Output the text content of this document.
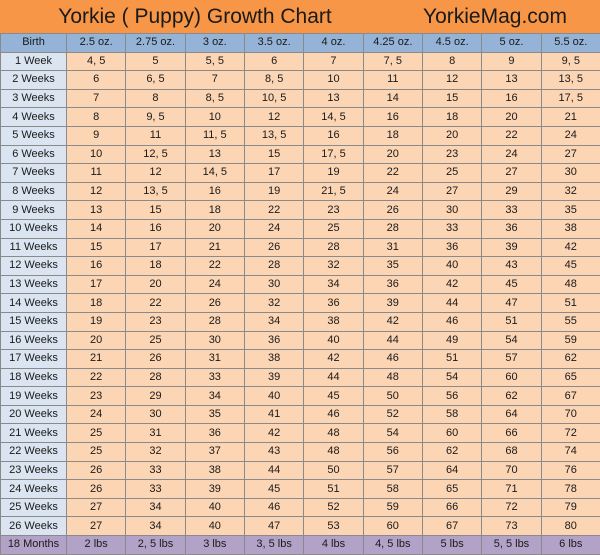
Yorkie ( Puppy) Growth Chart	YorkieMag.com
Birth	2.5 oz.	2.75 oz.	3 oz.	3.5 oz.	4 oz.	4.25 oz.	4.5 oz.	5 oz.	5.5 oz.
1 Week	4, 5	5	5, 5	6	7	7, 5	8	9	9, 5
2 Weeks	6	6, 5	7	8, 5	10	11	12	13	13, 5
3 Weeks	7	8	8, 5	10, 5	13	14	15	16	17, 5
4 Weeks	8	9, 5	10	12	14, 5	16	18	20	21
5 Weeks	9	11	11, 5	13, 5	16	18	20	22	24
6 Weeks	10	12, 5	13	15	17, 5	20	23	24	27
7 Weeks	11	12	14, 5	17	19	22	25	27	30
8 Weeks	12	13, 5	16	19	21, 5	24	27	29	32
9 Weeks	13	15	18	22	23	26	30	33	35
10 Weeks	14	16	20	24	25	28	33	36	38
11 Weeks	15	17	21	26	28	31	36	39	42
12 Weeks	16	18	22	28	32	35	40	43	45
13 Weeks	17	20	24	30	34	36	42	45	48
14 Weeks	18	22	26	32	36	39	44	47	51
15 Weeks	19	23	28	34	38	42	46	51	55
16 Weeks	20	25	30	36	40	44	49	54	59
17 Weeks	21	26	31	38	42	46	51	57	62
18 Weeks	22	28	33	39	44	48	54	60	65
19 Weeks	23	29	34	40	45	50	56	62	67
20 Weeks	24	30	35	41	46	52	58	64	70
21 Weeks	25	31	36	42	48	54	60	66	72
22 Weeks	25	32	37	43	48	56	62	68	74
23 Weeks	26	33	38	44	50	57	64	70	76
24 Weeks	26	33	39	45	51	58	65	71	78
25 Weeks	27	34	40	46	52	59	66	72	79
26 Weeks	27	34	40	47	53	60	67	73	80
18 Months	2 lbs	2, 5 lbs	3 lbs	3, 5 lbs	4 lbs	4, 5 lbs	5 lbs	5, 5 lbs	6 lbs
